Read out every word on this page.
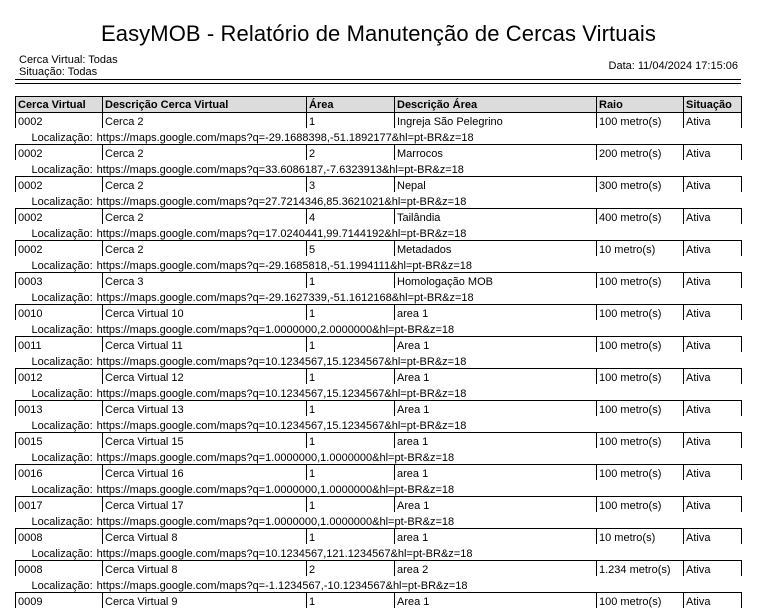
EasyMOB - Relatório de Manutenção de Cercas Virtuais
Cerca Virtual: Todas
Situação: Todas	Data: 11/04/2024 17:15:06
Cerca Virtual	Descrição Cerca Virtual	Área	Descrição Área	Raio	Situação
0002	Cerca 2	1	Ingreja São Pelegrino	100 metro(s)	Ativa
Localização: https://maps.google.com/maps?q=-29.1688398,-51.1892177&hl=pt-BR&z=18					
0002	Cerca 2	2	Marrocos	200 metro(s)	Ativa
Localização: https://maps.google.com/maps?q=33.6086187,-7.6323913&hl=pt-BR&z=18					
0002	Cerca 2	3	Nepal	300 metro(s)	Ativa
Localização: https://maps.google.com/maps?q=27.7214346,85.3621021&hl=pt-BR&z=18					
0002	Cerca 2	4	Tailândia	400 metro(s)	Ativa
Localização: https://maps.google.com/maps?q=17.0240441,99.7144192&hl=pt-BR&z=18					
0002	Cerca 2	5	Metadados	10 metro(s)	Ativa
Localização: https://maps.google.com/maps?q=-29.1685818,-51.1994111&hl=pt-BR&z=18					
0003	Cerca 3	1	Homologação MOB	100 metro(s)	Ativa
Localização: https://maps.google.com/maps?q=-29.1627339,-51.1612168&hl=pt-BR&z=18					
0010	Cerca Virtual 10	1	area 1	100 metro(s)	Ativa
Localização: https://maps.google.com/maps?q=1.0000000,2.0000000&hl=pt-BR&z=18					
0011	Cerca Virtual 11	1	Area 1	100 metro(s)	Ativa
Localização: https://maps.google.com/maps?q=10.1234567,15.1234567&hl=pt-BR&z=18					
0012	Cerca Virtual 12	1	Area 1	100 metro(s)	Ativa
Localização: https://maps.google.com/maps?q=10.1234567,15.1234567&hl=pt-BR&z=18					
0013	Cerca Virtual 13	1	Area 1	100 metro(s)	Ativa
Localização: https://maps.google.com/maps?q=10.1234567,15.1234567&hl=pt-BR&z=18					
0015	Cerca Virtual 15	1	area 1	100 metro(s)	Ativa
Localização: https://maps.google.com/maps?q=1.0000000,1.0000000&hl=pt-BR&z=18					
0016	Cerca Virtual 16	1	area 1	100 metro(s)	Ativa
Localização: https://maps.google.com/maps?q=1.0000000,1.0000000&hl=pt-BR&z=18					
0017	Cerca Virtual 17	1	Area 1	100 metro(s)	Ativa
Localização: https://maps.google.com/maps?q=1.0000000,1.0000000&hl=pt-BR&z=18					
0008	Cerca Virtual 8	1	area 1	10 metro(s)	Ativa
Localização: https://maps.google.com/maps?q=10.1234567,121.1234567&hl=pt-BR&z=18					
0008	Cerca Virtual 8	2	area 2	1.234 metro(s)	Ativa
Localização: https://maps.google.com/maps?q=-1.1234567,-10.1234567&hl=pt-BR&z=18					
0009	Cerca Virtual 9	1	Area 1	100 metro(s)	Ativa
